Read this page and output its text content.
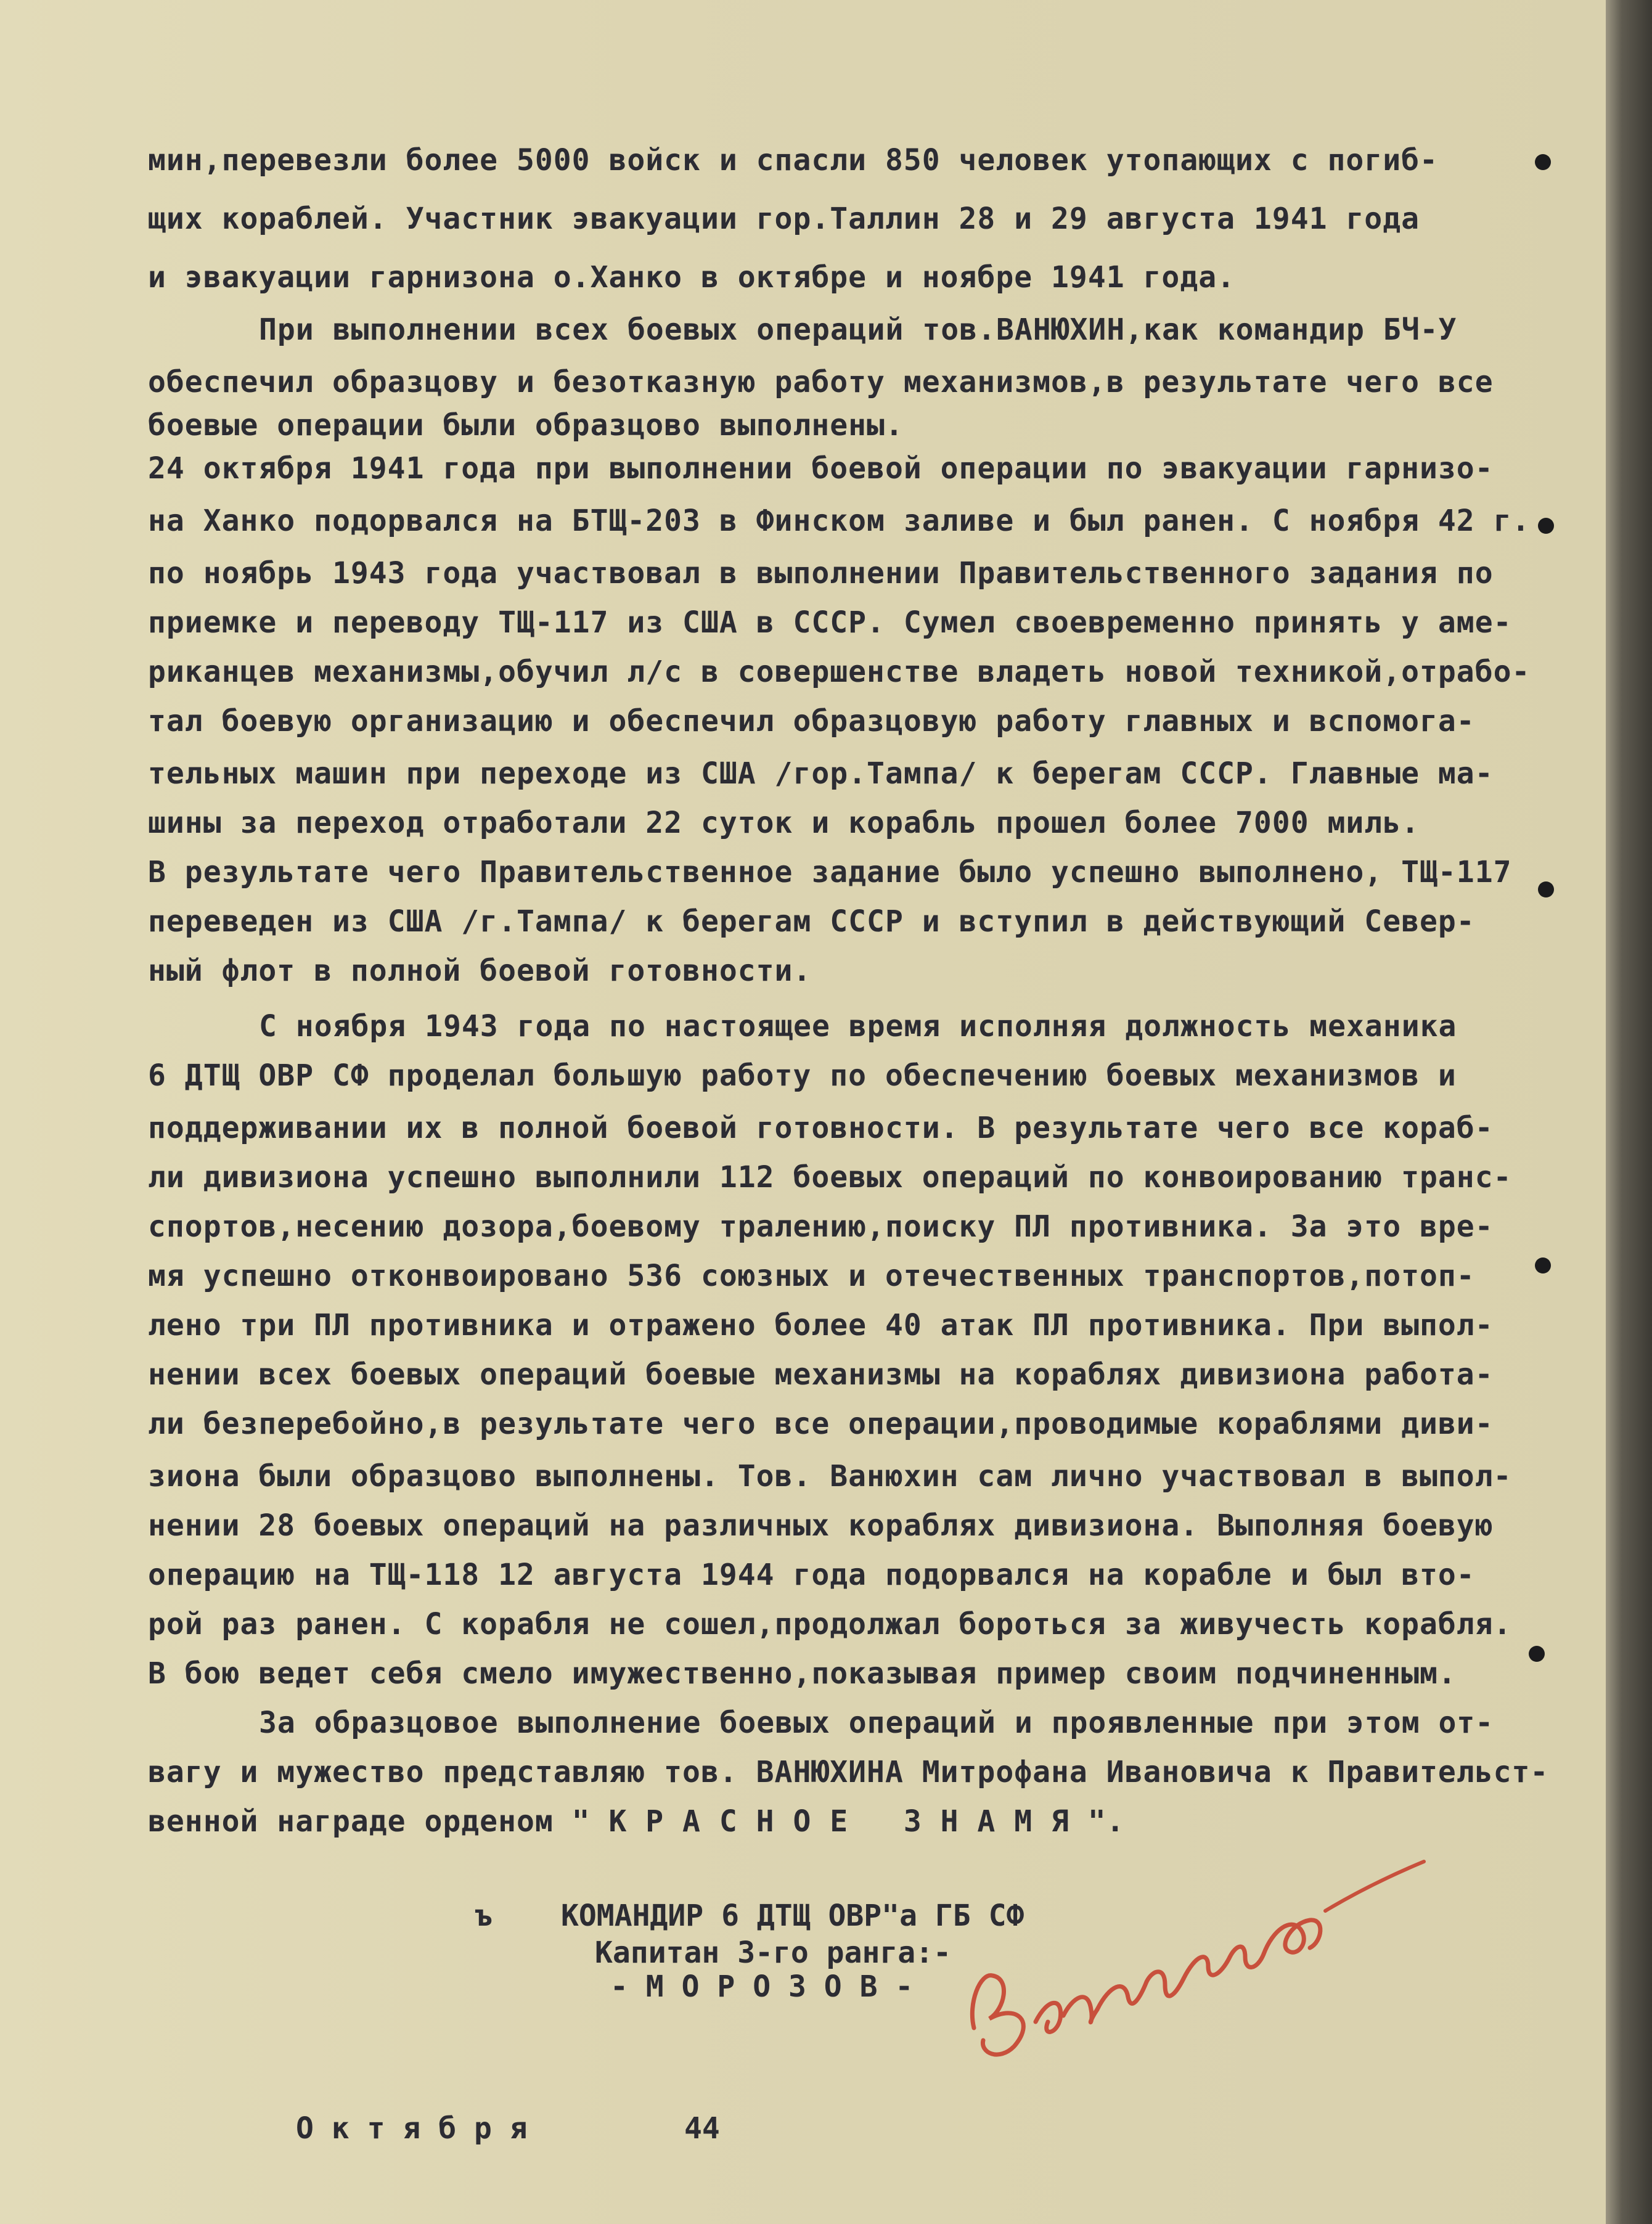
мин,перевезли более 5000 войск и спасли 850 человек утопающих с погиб-
щих кораблей. Участник эвакуации гор.Таллин 28 и 29 августа 1941 года
и эвакуации гарнизона о.Ханко в октябре и ноябре 1941 года.
При выполнении всех боевых операций тов.ВАНЮХИН,как командир БЧ-У
обеспечил образцову и безотказную работу механизмов,в результате чего все
боевые операции были образцово выполнены.
24 октября 1941 года при выполнении боевой операции по эвакуации гарнизо-
на Ханко подорвался на БТЩ-203 в Финском заливе и был ранен. С ноября 42 г.
по ноябрь 1943 года участвовал в выполнении Правительственного задания по
приемке и переводу ТЩ-117 из США в СССР. Сумел своевременно принять у аме-
риканцев механизмы,обучил л/с в совершенстве владеть новой техникой,отрабо-
тал боевую организацию и обеспечил образцовую работу главных и вспомога-
тельных машин при переходе из США /гор.Тампа/ к берегам СССР. Главные ма-
шины за переход отработали 22 суток и корабль прошел более 7000 миль.
В результате чего Правительственное задание было успешно выполнено, ТЩ-117
переведен из США /г.Тампа/ к берегам СССР и вступил в действующий Север-
ный флот в полной боевой готовности.
С ноября 1943 года по настоящее время исполняя должность механика
6 ДТЩ ОВР СФ проделал большую работу по обеспечению боевых механизмов и
поддерживании их в полной боевой готовности. В результате чего все кораб-
ли дивизиона успешно выполнили 112 боевых операций по конвоированию транс-
спортов,несению дозора,боевому тралению,поиску ПЛ противника. За это вре-
мя успешно отконвоировано 536 союзных и отечественных транспортов,потоп-
лено три ПЛ противника и отражено более 40 атак ПЛ противника. При выпол-
нении всех боевых операций боевые механизмы на кораблях дивизиона работа-
ли безперебойно,в результате чего все операции,проводимые кораблями диви-
зиона были образцово выполнены. Тов. Ванюхин сам лично участвовал в выпол-
нении 28 боевых операций на различных кораблях дивизиона. Выполняя боевую
операцию на ТЩ-118 12 августа 1944 года подорвался на корабле и был вто-
рой раз ранен. С корабля не сошел,продолжал бороться за живучесть корабля.
В бою ведет себя смело имужественно,показывая пример своим подчиненным.
За образцовое выполнение боевых операций и проявленные при этом от-
вагу и мужество представляю тов. ВАНЮХИНА Митрофана Ивановича к Правительст-
венной награде орденом " К Р А С Н О Е   З Н А М Я ".
ъ КОМАНДИР 6 ДТЩ ОВР"а ГБ СФ
Капитан 3-го ранга:-
- М О Р О З О В -
О к т я б р я	44
